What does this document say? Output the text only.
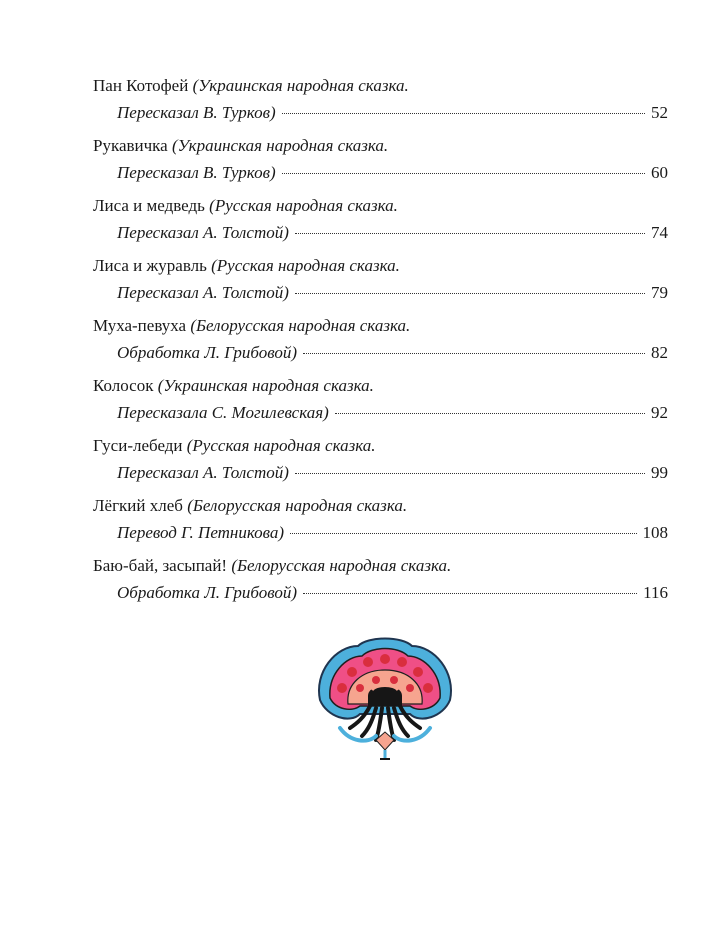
Пан Котофей (Украинская народная сказка.
Пересказал В. Турков)	52
Рукавичка (Украинская народная сказка.
Пересказал В. Турков)	60
Лиса и медведь (Русская народная сказка.
Пересказал А. Толстой)	74
Лиса и журавль (Русская народная сказка.
Пересказал А. Толстой)	79
Муха-певуха (Белорусская народная сказка.
Обработка Л. Грибовой)	82
Колосок (Украинская народная сказка.
Пересказала С. Могилевская)	92
Гуси-лебеди (Русская народная сказка.
Пересказал А. Толстой)	99
Лёгкий хлеб (Белорусская народная сказка.
Перевод Г. Петникова)	108
Баю-бай, засыпай! (Белорусская народная сказка.
Обработка Л. Грибовой)	116
